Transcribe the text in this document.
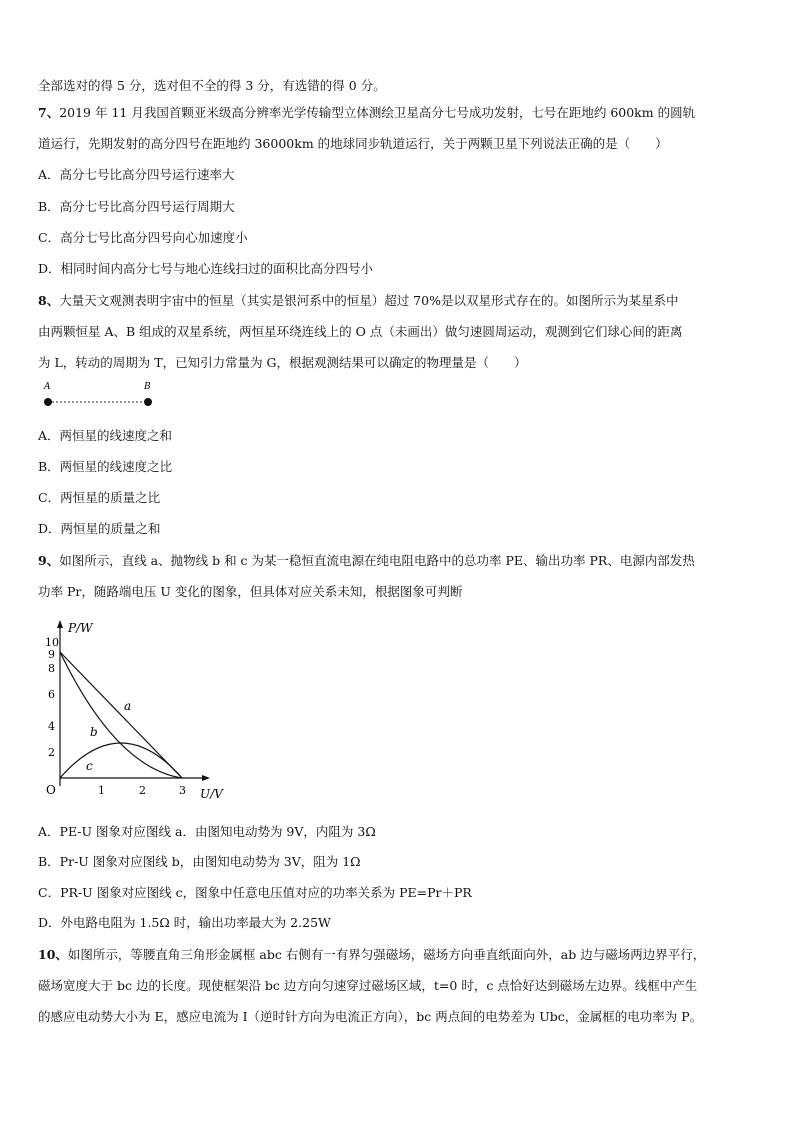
全部选对的得 5 分，选对但不全的得 3 分，有选错的得 0 分。
7、2019 年 11 月我国首颗亚米级高分辨率光学传输型立体测绘卫星高分七号成功发射，七号在距地约 600km 的圆轨
道运行，先期发射的高分四号在距地约 36000km 的地球同步轨道运行，关于两颗卫星下列说法正确的是（　　）
A．高分七号比高分四号运行速率大
B．高分七号比高分四号运行周期大
C．高分七号比高分四号向心加速度小
D．相同时间内高分七号与地心连线扫过的面积比高分四号小
8、大量天文观测表明宇宙中的恒星（其实是银河系中的恒星）超过 70%是以双星形式存在的。如图所示为某星系中
由两颗恒星 A、B 组成的双星系统，两恒星环绕连线上的 O 点（未画出）做匀速圆周运动，观测到它们球心间的距离
为 L，转动的周期为 T，已知引力常量为 G，根据观测结果可以确定的物理量是（　　）
A	B
A．两恒星的线速度之和
B．两恒星的线速度之比
C．两恒星的质量之比
D．两恒星的质量之和
9、如图所示，直线 a、抛物线 b 和 c 为某一稳恒直流电源在纯电阻电路中的总功率 PE、输出功率 PR、电源内部发热
功率 Pr，随路端电压 U 变化的图象，但具体对应关系未知，根据图象可判断
P/W
U/V
O
10
9
8
6
4
2
1	2	3
a
b
c
A．PE-U 图象对应图线 a．由图知电动势为 9V，内阻为 3Ω
B．Pr-U 图象对应图线 b，由图知电动势为 3V，阻为 1Ω
C．PR-U 图象对应图线 c，图象中任意电压值对应的功率关系为 PE=Pr＋PR
D．外电路电阻为 1.5Ω 时，输出功率最大为 2.25W
10、如图所示，等腰直角三角形金属框 abc 右侧有一有界匀强磁场，磁场方向垂直纸面向外，ab 边与磁场两边界平行，
磁场宽度大于 bc 边的长度。现使框架沿 bc 边方向匀速穿过磁场区域，t=0 时，c 点恰好达到磁场左边界。线框中产生
的感应电动势大小为 E，感应电流为 I（逆时针方向为电流正方向），bc 两点间的电势差为 Ubc，金属框的电功率为 P。
